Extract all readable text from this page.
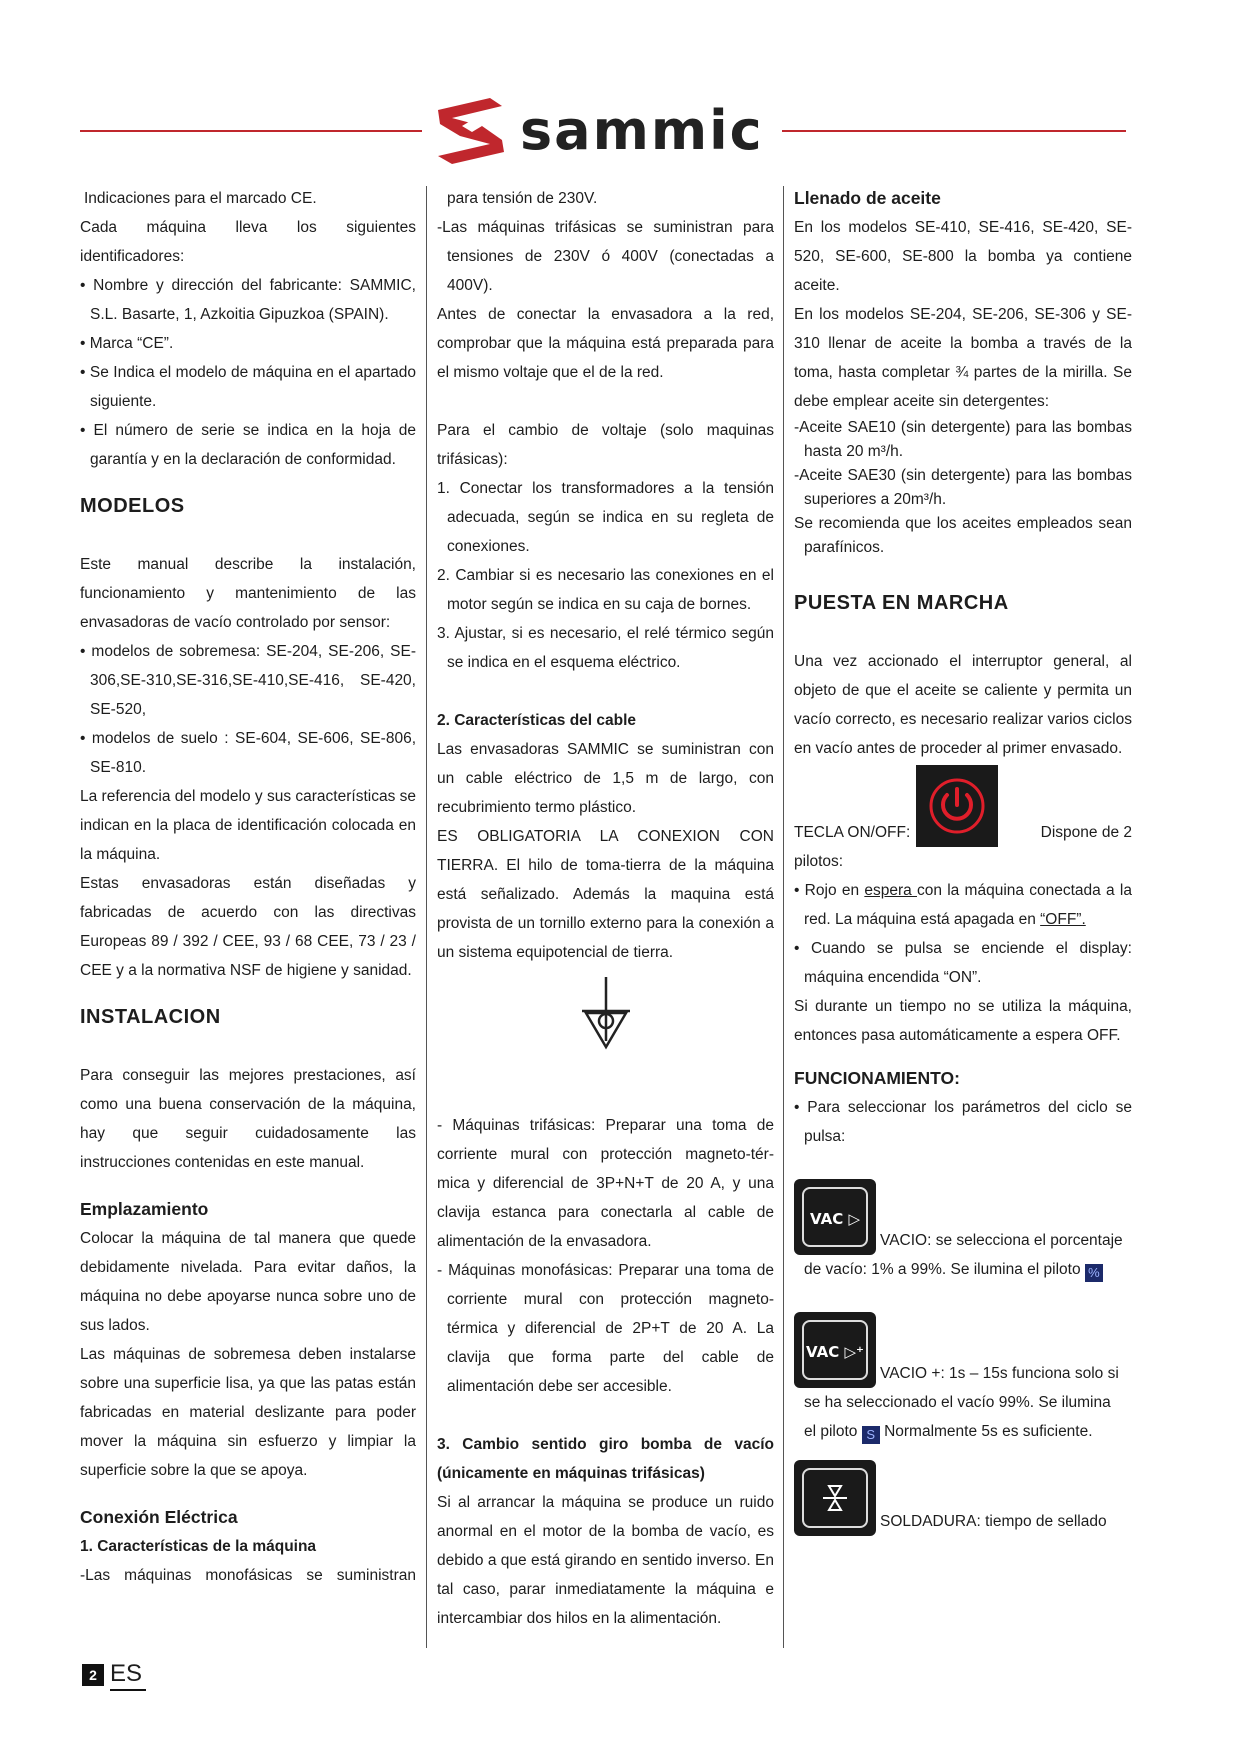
sammic

Indicaciones para el marcado CE.

Cada máquina lleva los siguientes

identificadores:

• Nombre y dirección del fabricante: SAMMIC, S.L. Basarte, 1, Azkoitia Gipuzkoa (SPAIN).

• Marca “CE”.

• Se Indica el modelo de máquina en el apartado siguiente.

• El número de serie se indica en la hoja de garantía y en la declaración de conformidad.

MODELOS

Este manual describe la instalación, funcionamiento y mantenimiento de las envasadoras de vacío controlado por sensor:

• modelos de sobremesa: SE-204, SE-206, SE-306,SE-310,SE-316,SE-410,SE-416, SE-420, SE-520,

• modelos de suelo : SE-604, SE-606, SE-806, SE-810.

La referencia del modelo y sus características se indican en la placa de identificación colocada en la máquina.

Estas envasadoras están diseñadas y fabricadas de acuerdo con las directivas Europeas 89 / 392 / CEE, 93 / 68 CEE, 73 / 23 / CEE y a la normativa NSF de higiene y sanidad.

INSTALACION

Para conseguir las mejores prestaciones, así como una buena conservación de la máquina, hay que seguir cuidadosamente las instrucciones contenidas en este manual.

Emplazamiento

Colocar la máquina de tal manera que quede debidamente nivelada. Para evitar daños, la máquina no debe apoyarse nunca sobre uno de sus lados.

Las máquinas de sobremesa deben instalarse sobre una superficie lisa, ya que las patas están fabricadas en material deslizante para poder mover la máquina sin esfuerzo y limpiar la superficie sobre la que se apoya.

Conexión Eléctrica

1. Características de la máquina

-Las máquinas monofásicas se suministran

para tensión de 230V.

-Las máquinas trifásicas se suministran para tensiones de 230V ó 400V (conectadas a 400V).

Antes de conectar la envasadora a la red, comprobar que la máquina está preparada para el mismo voltaje que el de la red.

Para el cambio de voltaje (solo maquinas trifásicas):

1. Conectar los transformadores a la tensión adecuada, según se indica en su regleta de conexiones.

2. Cambiar si es necesario las conexiones en el motor según se indica en su caja de bornes.

3. Ajustar, si es necesario, el relé térmico según se indica en el esquema eléctrico.

2. Características del cable

Las envasadoras SAMMIC se suministran con un cable eléctrico de 1,5 m de largo, con recubrimiento termo plástico.

ES OBLIGATORIA LA CONEXION CON TIERRA. El hilo de toma-tierra de la máquina está señalizado. Además la maquina está provista de un tornillo externo para la conexión a un sistema equipotencial de tierra.

- Máquinas trifásicas: Preparar una toma de corriente mural con protección magneto-tér- mica y diferencial de 3P+N+T de 20 A, y una clavija estanca para conectarla al cable de alimentación de la envasadora.

- Máquinas monofásicas: Preparar una toma de corriente mural con protección magneto-térmica y diferencial de 2P+T de 20 A. La clavija que forma parte del cable de alimentación debe ser accesible.

3. Cambio sentido giro bomba de vacío (únicamente en máquinas trifásicas)

Si al arrancar la máquina se produce un ruido anormal en el motor de la bomba de vacío, es debido a que está girando en sentido inverso. En tal caso, parar inmediatamente la máquina e intercambiar dos hilos en la alimentación.

Llenado de aceite

En los modelos SE-410, SE-416, SE-420, SE-520, SE-600, SE-800 la bomba ya contiene aceite.

En los modelos SE-204, SE-206, SE-306 y SE-310 llenar de aceite la bomba a través de la toma, hasta completar ¾ partes de la mirilla. Se debe emplear aceite sin detergentes:

-Aceite SAE10 (sin detergente) para las bombas hasta 20 m³/h.

-Aceite SAE30 (sin detergente) para las bombas superiores a 20m³/h.

Se recomienda que los aceites empleados sean parafínicos.

PUESTA EN MARCHA

Una vez accionado el interruptor general, al objeto de que el aceite se caliente y permita un vacío correcto, es necesario realizar varios ciclos en vacío antes de proceder al primer envasado.

TECLA ON/OFF:	Dispone de 2

pilotos:

• Rojo en espera con la máquina conectada a la red. La máquina está apagada en “OFF”.

• Cuando se pulsa se enciende el display: máquina encendida “ON”.

Si durante un tiempo no se utiliza la máquina, entonces pasa automáticamente a espera OFF.

FUNCIONAMIENTO:

• Para seleccionar los parámetros del ciclo se pulsa:

VAC ▷
VACIO: se selecciona el porcentaje

de vacío: 1% a 99%. Se ilumina el piloto %

VAC ▷⁺
VACIO +: 1s – 15s funciona solo si

se ha seleccionado el vacío 99%. Se ilumina

el piloto S Normalmente 5s es suficiente.

SOLDADURA: tiempo de sellado
2 ES
